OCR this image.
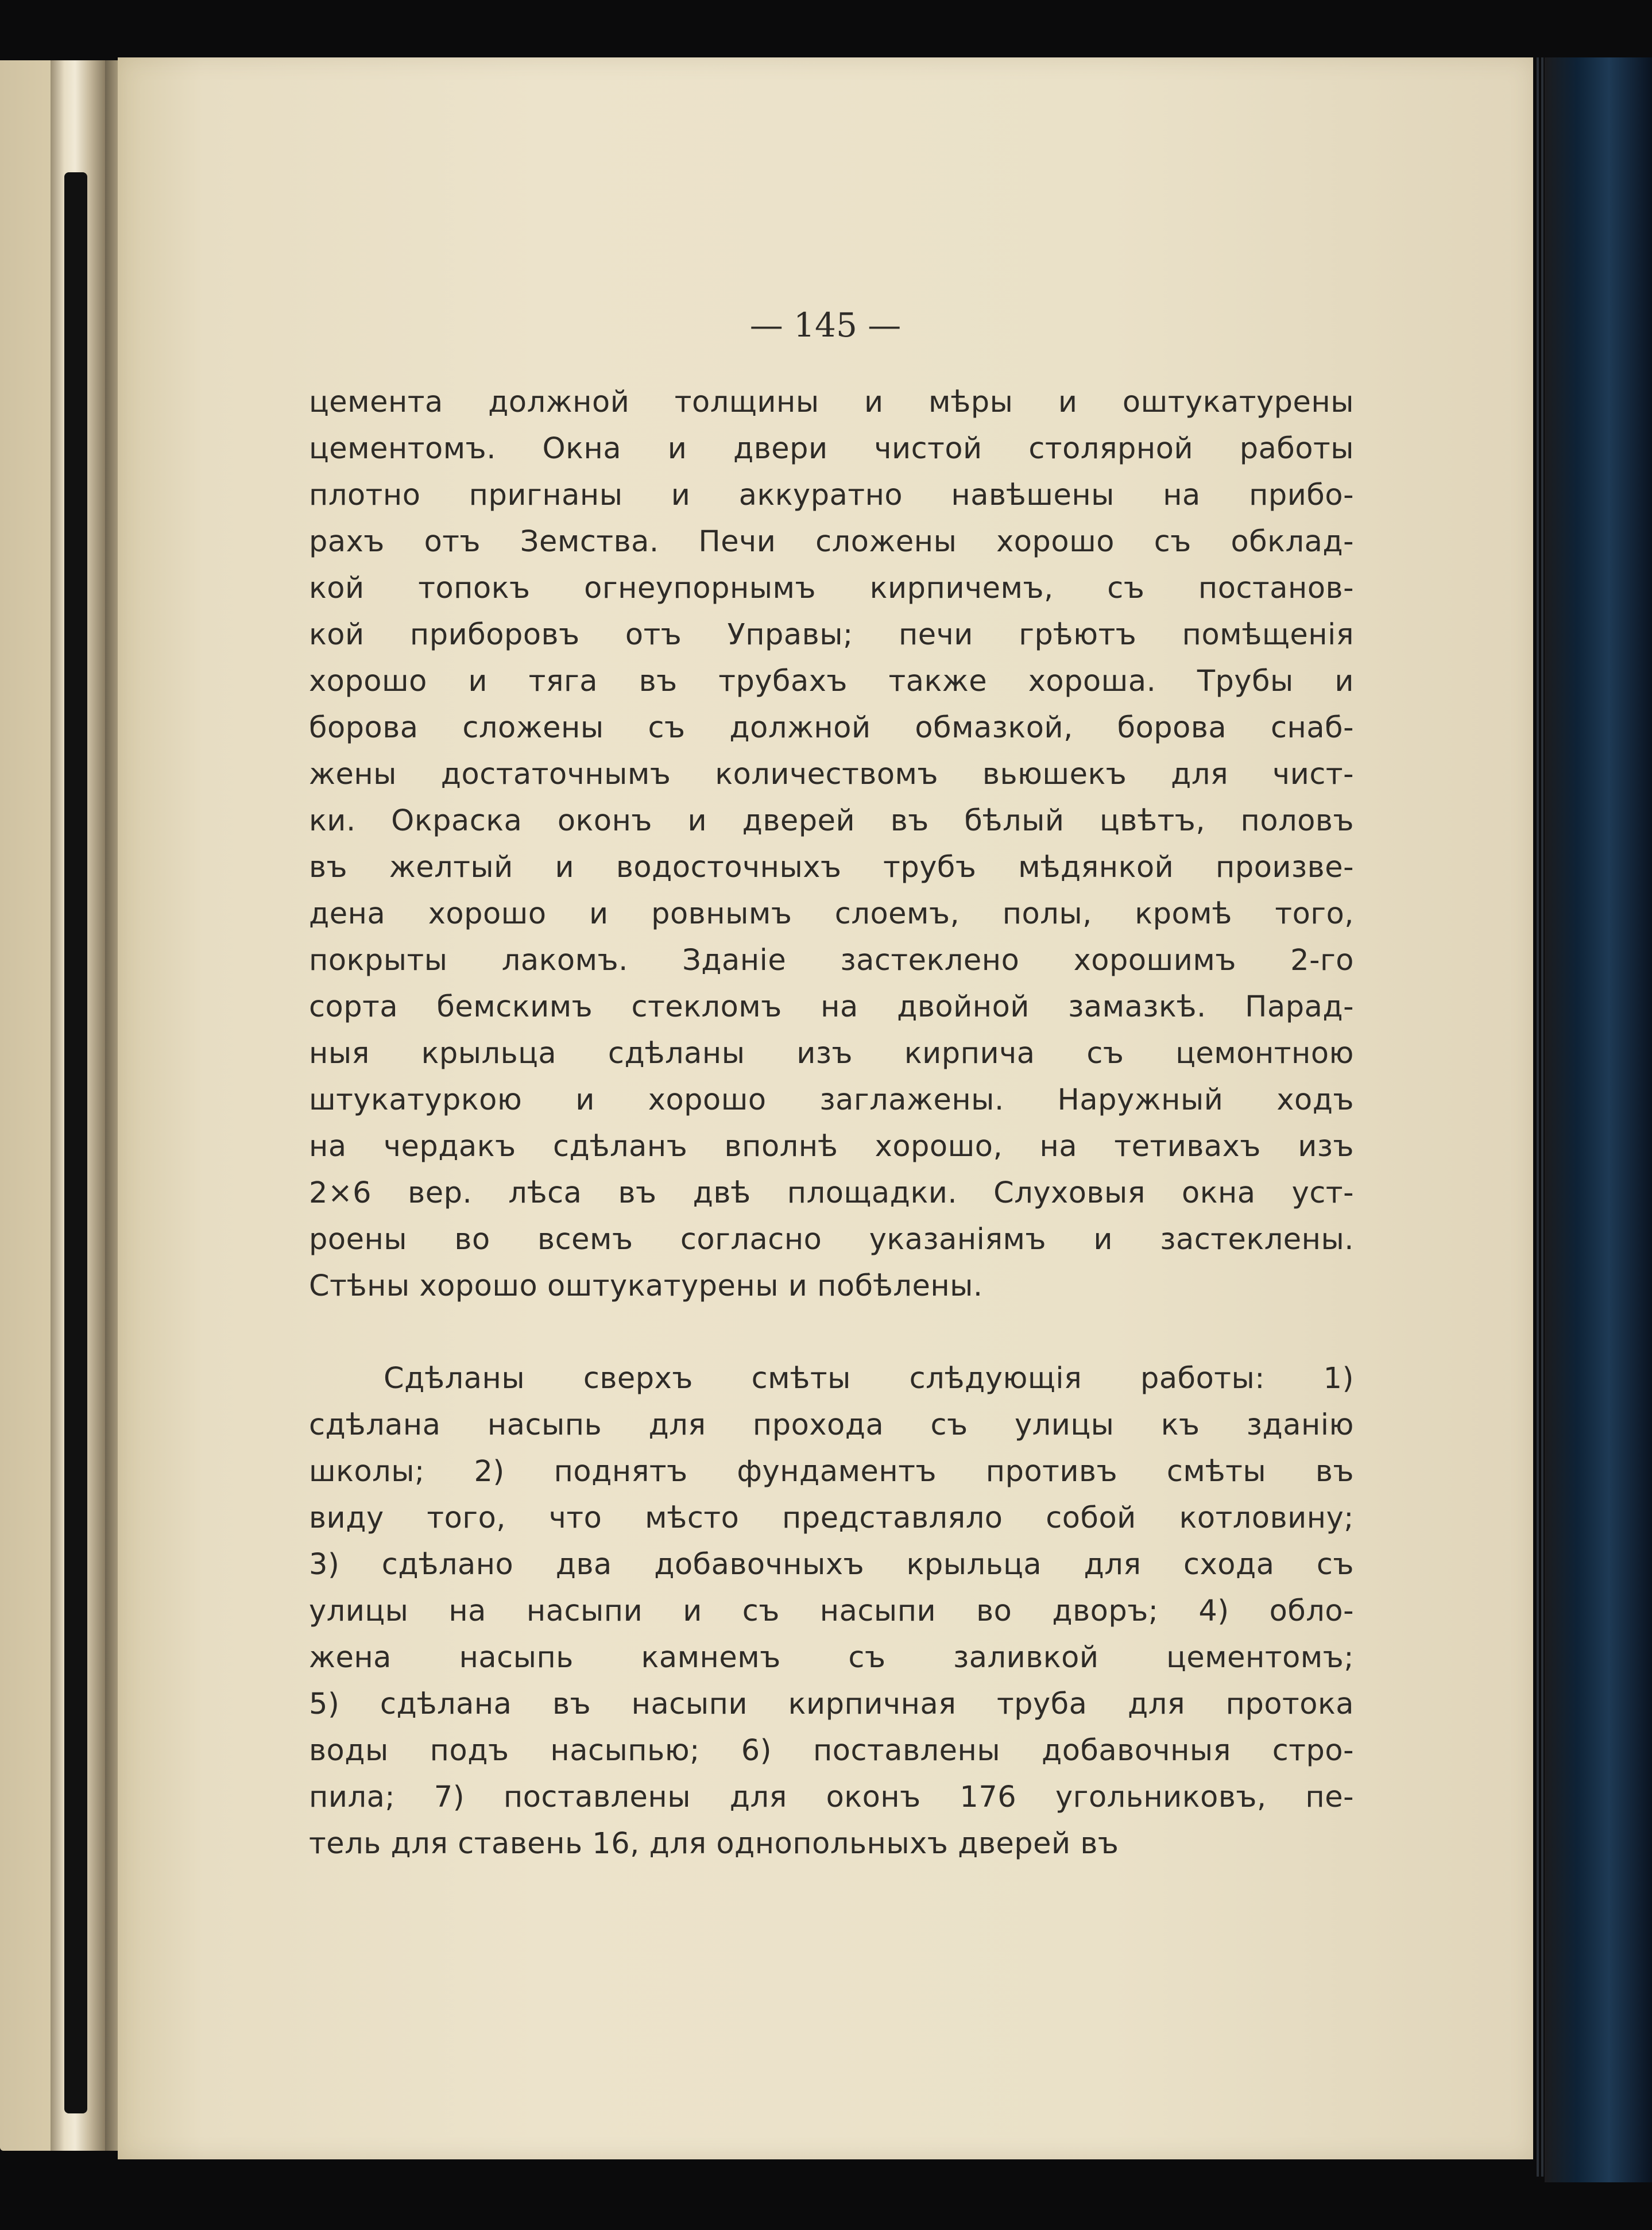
— 145 —
цемента должной толщины и мѣры и оштукатурены
цементомъ. Окна и двери чистой столярной работы
плотно пригнаны и аккуратно навѣшены на прибо-
рахъ отъ Земства. Печи сложены хорошо съ обклад-
кой топокъ огнеупорнымъ кирпичемъ, съ постанов-
кой приборовъ отъ Управы; печи грѣютъ помѣщенія
хорошо и тяга въ трубахъ также хороша. Трубы и
борова сложены съ должной обмазкой, борова снаб-
жены достаточнымъ количествомъ вьюшекъ для чист-
ки. Окраска оконъ и дверей въ бѣлый цвѣтъ, половъ
въ желтый и водосточныхъ трубъ мѣдянкой произве-
дена хорошо и ровнымъ слоемъ, полы, кромѣ того,
покрыты лакомъ. Зданіе застеклено хорошимъ 2-го
сорта бемскимъ стекломъ на двойной замазкѣ. Парад-
ныя крыльца сдѣланы изъ кирпича съ цемонтною
штукатуркою и хорошо заглажены. Наружный ходъ
на чердакъ сдѣланъ вполнѣ хорошо, на тетивахъ изъ
2×6 вер. лѣса въ двѣ площадки. Слуховыя окна уст-
роены во всемъ согласно указаніямъ и застеклены.
Стѣны хорошо оштукатурены и побѣлены.
Сдѣланы сверхъ смѣты слѣдующія работы: 1)
сдѣлана насыпь для прохода съ улицы къ зданію
школы; 2) поднятъ фундаментъ противъ смѣты въ
виду того, что мѣсто представляло собой котловину;
3) сдѣлано два добавочныхъ крыльца для схода съ
улицы на насыпи и съ насыпи во дворъ; 4) обло-
жена насыпь камнемъ съ заливкой цементомъ;
5) сдѣлана въ насыпи кирпичная труба для протока
воды подъ насыпью; 6) поставлены добавочныя стро-
пила; 7) поставлены для оконъ 176 угольниковъ, пе-
тель для ставень 16, для однопольныхъ дверей въ
